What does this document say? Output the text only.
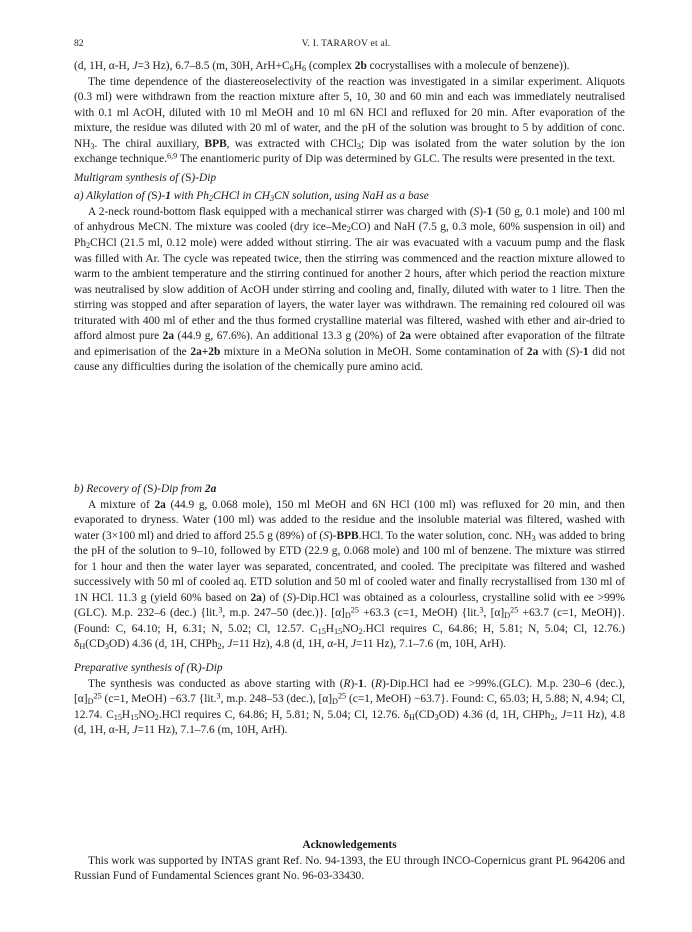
82	V. I. TARAROV et al.

(d, 1H, α-H, J=3 Hz), 6.7–8.5 (m, 30H, $ArH+C_6H_6$ (complex 2b cocrystallises with a molecule of benzene)).

The time dependence of the diastereoselectivity of the reaction was investigated in a similar experiment. Aliquots (0.3 ml) were withdrawn from the reaction mixture after 5, 10, 30 and 60 min and each was immediately neutralised with 0.1 ml AcOH, diluted with 10 ml MeOH and 10 ml 6N HCl and refluxed for 20 min. After evaporation of the mixture, the residue was diluted with 20 ml of water, and the pH of the solution was brought to 5 by addition of conc. $NH_3$. The chiral auxiliary, BPB, was extracted with CHCl$_3$; Dip was isolated from the water solution by the ion exchange technique.$^{6,9}$ The enantiomeric purity of Dip was determined by GLC. The results were presented in the text.

Multigram synthesis of (S)-Dip

a) Alkylation of (S)-1 with $Ph_2CHCl$ in $CH_3CN$ solution, using NaH as a base

A 2-neck round-bottom flask equipped with a mechanical stirrer was charged with (S)-1 (50 g, 0.1 mole) and 100 ml of anhydrous MeCN. The mixture was cooled (dry ice–$Me_2CO$) and NaH (7.5 g, 0.3 mole, 60% suspension in oil) and $Ph_2CHCl$ (21.5 ml, 0.12 mole) were added without stirring. The air was evacuated with a vacuum pump and the flask was filled with Ar. The cycle was repeated twice, then the stirring was commenced and the reaction mixture allowed to warm to the ambient temperature and the stirring continued for another 2 hours, after which period the reaction mixture was neutralised by slow addition of AcOH under stirring and cooling and, finally, diluted with water to 1 litre. Then the stirring was stopped and after separation of layers, the water layer was withdrawn. The remaining red coloured oil was triturated with 400 ml of ether and the thus formed crystalline material was filtered, washed with ether and air-dried to afford almost pure 2a (44.9 g, 67.6%). An additional 13.3 g (20%) of 2a were obtained after evaporation of the filtrate and epimerisation of the 2a+2b mixture in a MeONa solution in MeOH. Some contamination of 2a with (S)-1 did not cause any difficulties during the isolation of the chemically pure amino acid.

b) Recovery of (S)-Dip from 2a

A mixture of 2a (44.9 g, 0.068 mole), 150 ml MeOH and 6N HCl (100 ml) was refluxed for 20 min, and then evaporated to dryness. Water (100 ml) was added to the residue and the insoluble material was filtered, washed with water (3×100 ml) and dried to afford 25.5 g (89%) of (S)-BPB.HCl. To the water solution, conc. $NH_3$ was added to bring the pH of the solution to 9–10, followed by ETD (22.9 g, 0.068 mole) and 100 ml of benzene. The mixture was stirred for 1 hour and then the water layer was separated, concentrated, and cooled. The precipitate was filtered and washed successively with 50 ml of cooled aq. ETD solution and 50 ml of cooled water and finally recrystallised from 130 ml of 1N HCl. 11.3 g (yield 60% based on 2a) of (S)-Dip.HCl was obtained as a colourless, crystalline solid with ee >99% (GLC). M.p. 232–6 (dec.) {lit.$^3$, m.p. 247–50 (dec.)}. $[\alpha]_D^{25} +63.3$ (c=1, MeOH) {lit.$^3$, $[\alpha]_D^{25} +63.7$ (c=1, MeOH)}. (Found: C, 64.10; H, 6.31; N, 5.02; Cl, 12.57. $C_{15}H_{15}NO_2.HCl$ requires C, 64.86; H, 5.81; N, 5.04; Cl, 12.76.) $\delta_H(CD_3OD)$ 4.36 (d, 1H, CHPh$_2$, J=11 Hz), 4.8 (d, 1H, α-H, J=11 Hz), 7.1–7.6 (m, 10H, ArH).

Preparative synthesis of (R)-Dip

The synthesis was conducted as above starting with (R)-1. (R)-Dip.HCl had ee >99%.(GLC). M.p. 230–6 (dec.), $[\alpha]_D^{25}$ (c=1, MeOH) −63.7 {lit.$^3$, m.p. 248–53 (dec.), $[\alpha]_D^{25}$ (c=1, MeOH) −63.7}. Found: C, 65.03; H, 5.88; N, 4.94; Cl, 12.74. $C_{15}H_{15}NO_2.HCl$ requires C, 64.86; H, 5.81; N, 5.04; Cl, 12.76. $\delta_H(CD_3OD)$ 4.36 (d, 1H, CHPh$_2$, J=11 Hz), 4.8 (d, 1H, α-H, J=11 Hz), 7.1–7.6 (m, 10H, ArH).

Acknowledgements

This work was supported by INTAS grant Ref. No. 94-1393, the EU through INCO-Copernicus grant PL 964206 and Russian Fund of Fundamental Sciences grant No. 96-03-33430.
